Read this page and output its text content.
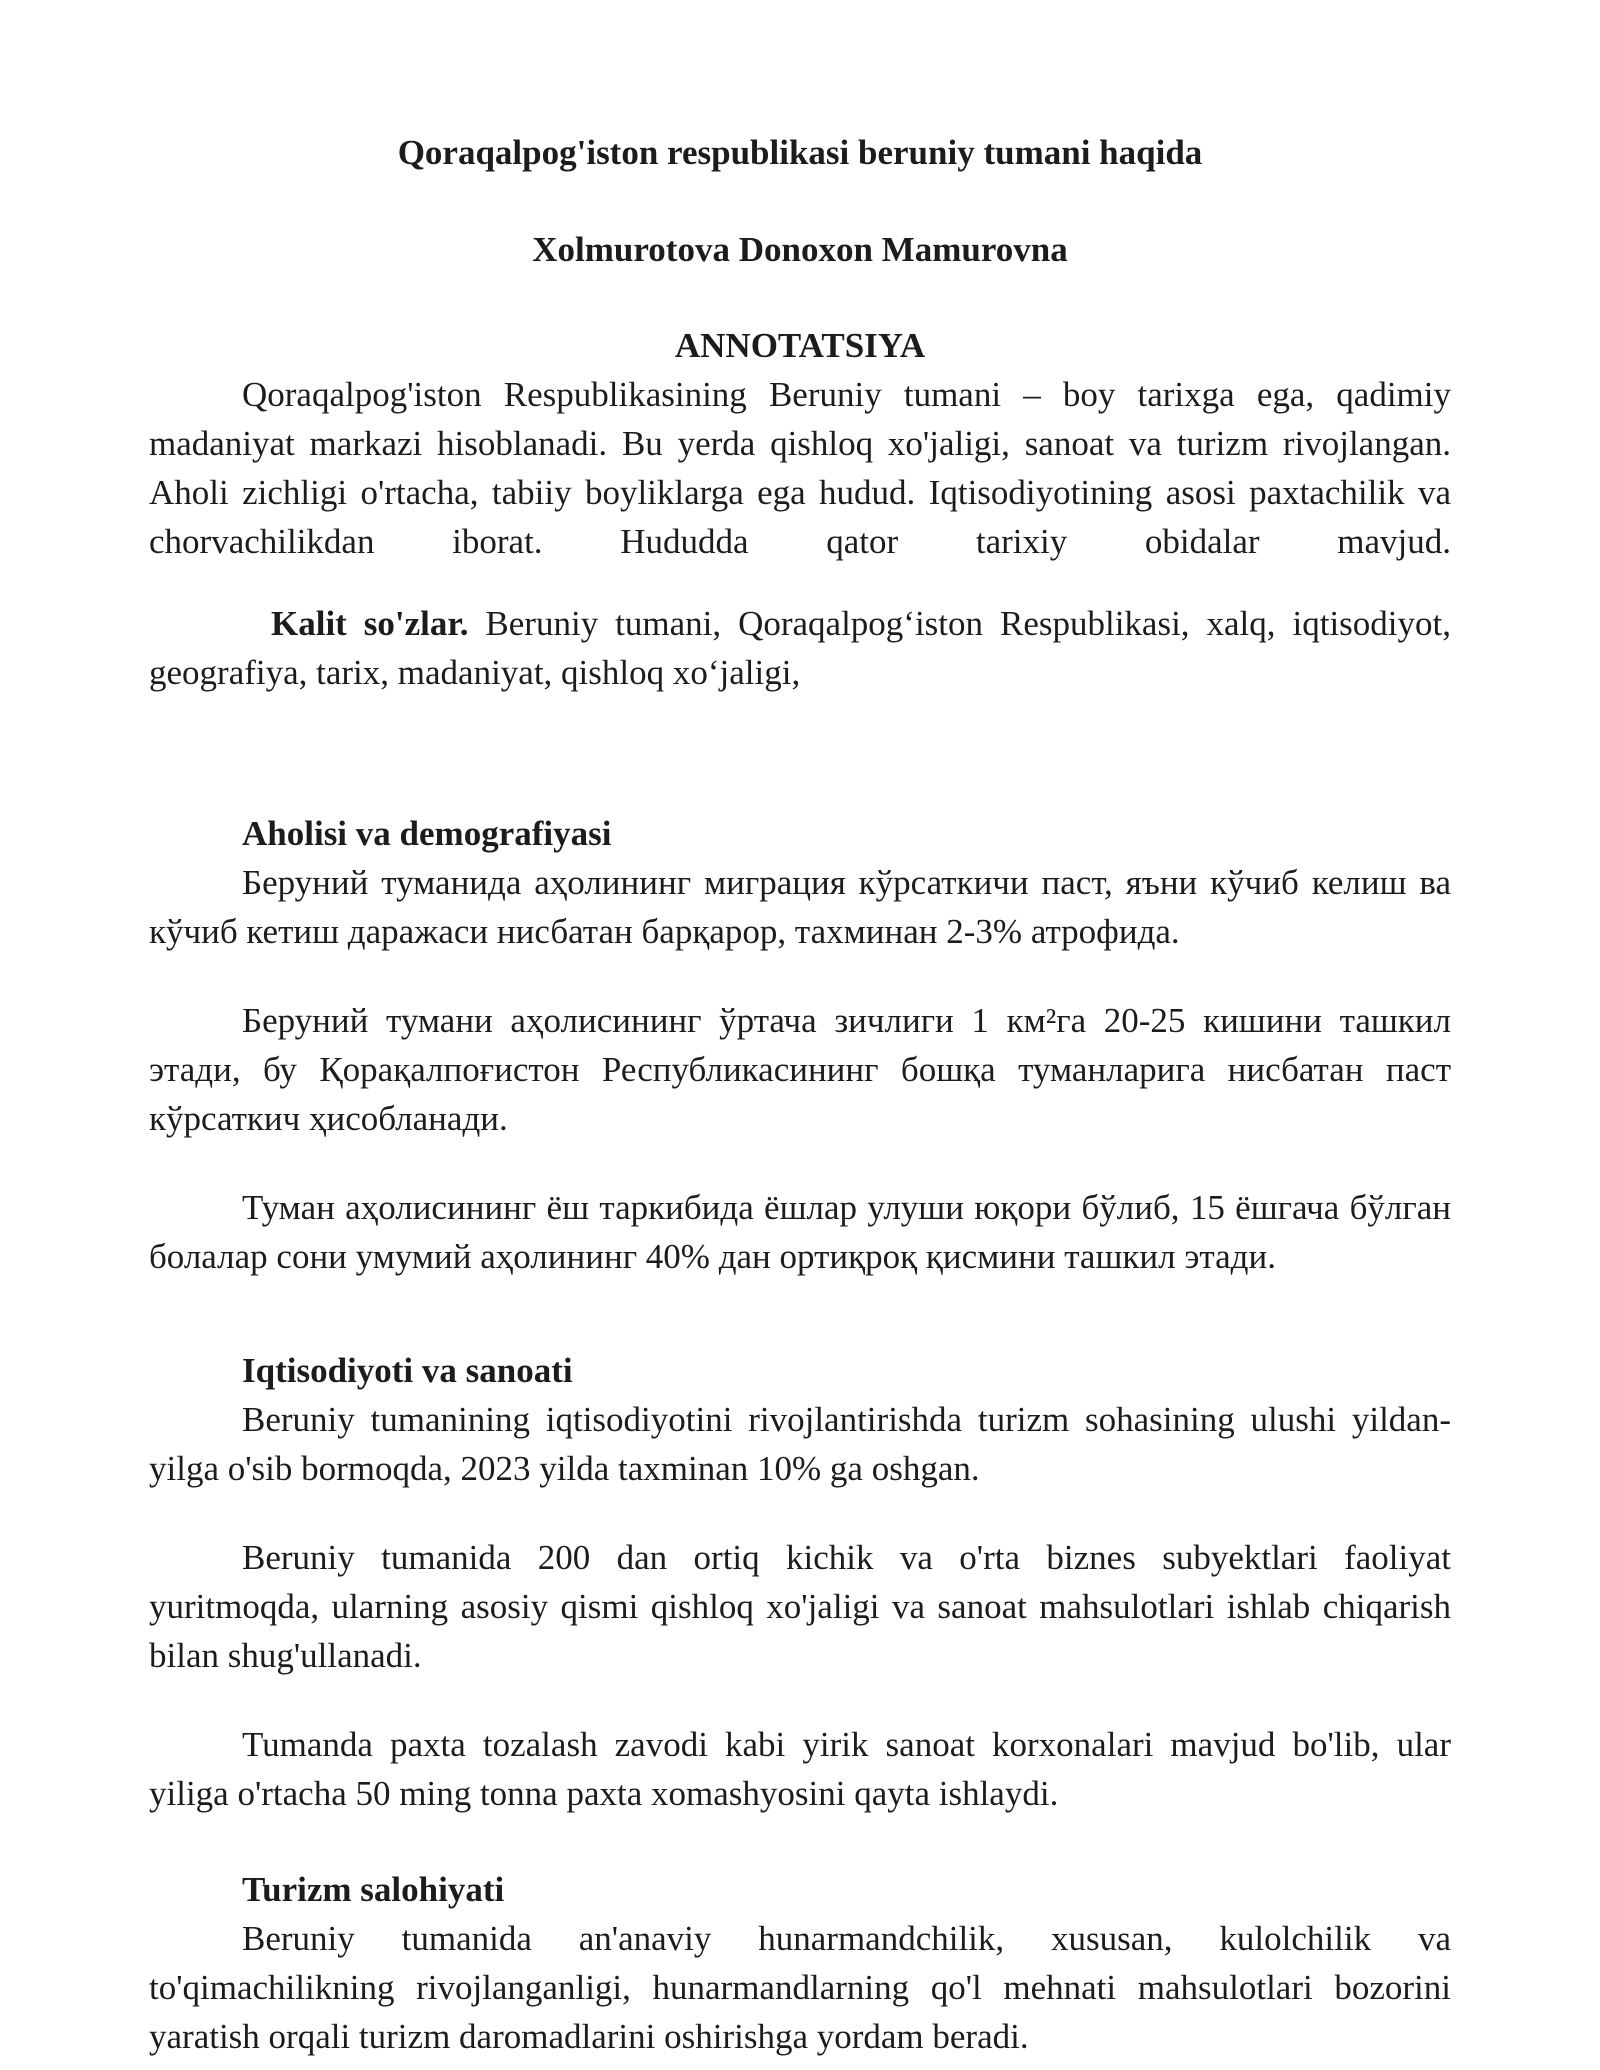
Qoraqalpog'iston respublikasi beruniy tumani haqida

Xolmurotova Donoxon Mamurovna

ANNOTATSIYA

Qoraqalpog'iston Respublikasining Beruniy tumani – boy tarixga ega, qadimiy madaniyat markazi hisoblanadi. Bu yerda qishloq xo'jaligi, sanoat va turizm rivojlangan. Aholi zichligi o'rtacha, tabiiy boyliklarga ega hudud. Iqtisodiyotining asosi paxtachilik va chorvachilikdan iborat. Hududda qator tarixiy obidalar mavjud.

Kalit so'zlar. Beruniy tumani, Qoraqalpog‘iston Respublikasi, xalq, iqtisodiyot, geografiya, tarix, madaniyat, qishloq xo‘jaligi,

Aholisi va demografiyasi

Беруний туманида аҳолининг миграция кўрсаткичи паст, яъни кўчиб келиш ва кўчиб кетиш даражаси нисбатан барқарор, тахминан 2-3% атрофида.

Беруний тумани аҳолисининг ўртача зичлиги 1 км²га 20-25 кишини ташкил этади, бу Қорақалпоғистон Республикасининг бошқа туманларига нисбатан паст кўрсаткич ҳисобланади.

Туман аҳолисининг ёш таркибида ёшлар улуши юқори бўлиб, 15 ёшгача бўлган болалар сони умумий аҳолининг 40% дан ортиқроқ қисмини ташкил этади.

Iqtisodiyoti va sanoati

Beruniy tumanining iqtisodiyotini rivojlantirishda turizm sohasining ulushi yildan-yilga o'sib bormoqda, 2023 yilda taxminan 10% ga oshgan.

Beruniy tumanida 200 dan ortiq kichik va o'rta biznes subyektlari faoliyat yuritmoqda, ularning asosiy qismi qishloq xo'jaligi va sanoat mahsulotlari ishlab chiqarish bilan shug'ullanadi.

Tumanda paxta tozalash zavodi kabi yirik sanoat korxonalari mavjud bo'lib, ular yiliga o'rtacha 50 ming tonna paxta xomashyosini qayta ishlaydi.

Turizm salohiyati

Beruniy tumanida an'anaviy hunarmandchilik, xususan, kulolchilik va to'qimachilikning rivojlanganligi, hunarmandlarning qo'l mehnati mahsulotlari bozorini yaratish orqali turizm daromadlarini oshirishga yordam beradi.
